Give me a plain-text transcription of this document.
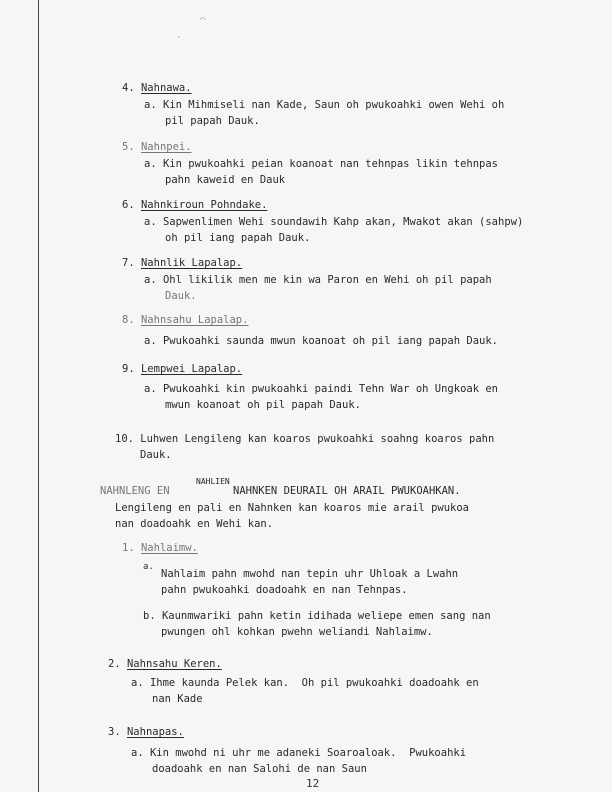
⌒
·
4. Nahnawa.
a. Kin Mihmiseli nan Kade, Saun oh pwukoahki owen Wehi oh
pil papah Dauk.
5. Nahnpei.
a. Kin pwukoahki peian koanoat nan tehnpas likin tehnpas
pahn kaweid en Dauk
6. Nahnkiroun Pohndake.
a. Sapwenlimen Wehi soundawih Kahp akan, Mwakot akan (sahpw)
oh pil iang papah Dauk.
7. Nahnlik Lapalap.
a. Ohl likilik men me kin wa Paron en Wehi oh pil papah
Dauk.
8. Nahnsahu Lapalap.
a. Pwukoahki saunda mwun koanoat oh pil iang papah Dauk.
9. Lempwei Lapalap.
a. Pwukoahki kin pwukoahki paindi Tehn War oh Ungkoak en
mwun koanoat oh pil papah Dauk.
10. Luhwen Lengileng kan koaros pwukoahki soahng koaros pahn
Dauk.
NAHNLENG EN
NAHLIEN
NAHNKEN DEURAIL OH ARAIL PWUKOAHKAN.
Lengileng en pali en Nahnken kan koaros mie arail pwukoa
nan doadoahk en Wehi kan.
1. Nahlaimw.
a.
Nahlaim pahn mwohd nan tepin uhr Uhloak a Lwahn
pahn pwukoahki doadoahk en nan Tehnpas.
b. Kaunmwariki pahn ketin idihada weliepe emen sang nan
pwungen ohl kohkan pwehn weliandi Nahlaimw.
2. Nahnsahu Keren.
a. Ihme kaunda Pelek kan.  Oh pil pwukoahki doadoahk en
nan Kade
3. Nahnapas.
a. Kin mwohd ni uhr me adaneki Soaroaloak.  Pwukoahki
doadoahk en nan Salohi de nan Saun
12
